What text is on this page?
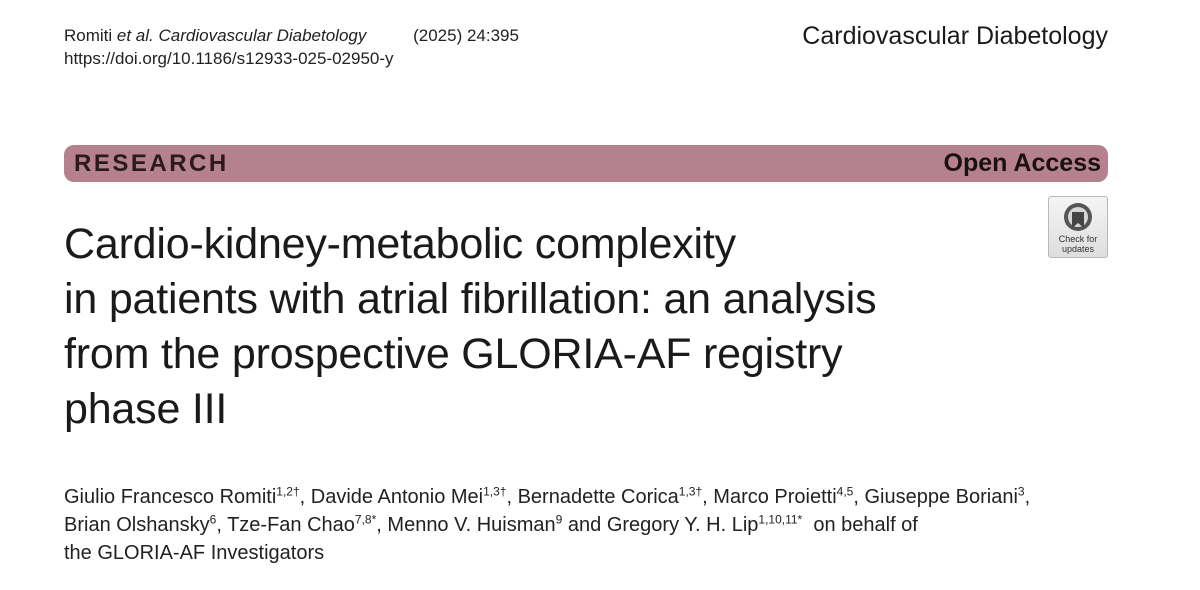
Romiti et al. Cardiovascular Diabetology	(2025) 24:395
https://doi.org/10.1186/s12933-025-02950-y
Cardiovascular Diabetology
RESEARCH	Open Access
Check for
updates
Cardio-kidney-metabolic complexity
in patients with atrial fibrillation: an analysis
from the prospective GLORIA-AF registry
phase III
Giulio Francesco Romiti$^{1,2\dagger}$, Davide Antonio Mei$^{1,3\dagger}$, Bernadette Corica$^{1,3\dagger}$, Marco Proietti$^{4,5}$, Giuseppe Boriani$^3$,
Brian Olshansky$^6$, Tze-Fan Chao$^{7,8*}$, Menno V. Huisman$^9$ and Gregory Y. H. Lip$^{1,10,11*}$  on behalf of
the GLORIA-AF Investigators
